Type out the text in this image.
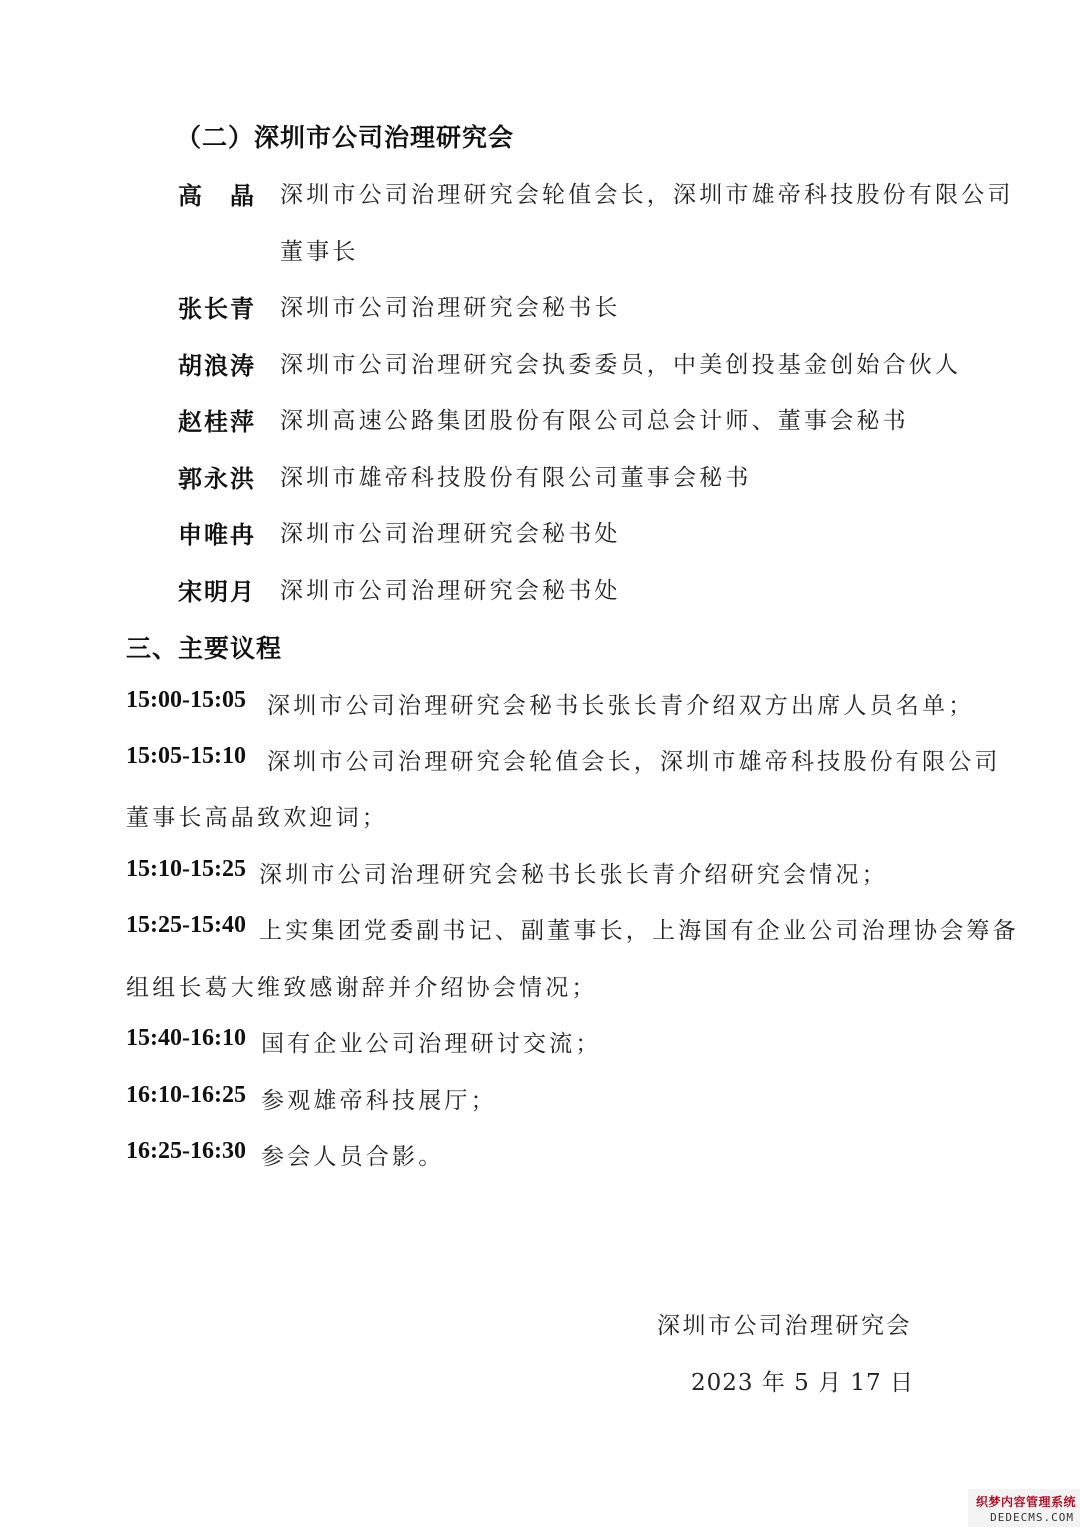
（二）深圳市公司治理研究会
高　晶 深圳市公司治理研究会轮值会长，深圳市雄帝科技股份有限公司
董事长
张长青 深圳市公司治理研究会秘书长
胡浪涛 深圳市公司治理研究会执委委员，中美创投基金创始合伙人
赵桂萍 深圳高速公路集团股份有限公司总会计师、董事会秘书
郭永洪 深圳市雄帝科技股份有限公司董事会秘书
申唯冉 深圳市公司治理研究会秘书处
宋明月 深圳市公司治理研究会秘书处
三、主要议程
15:00-15:05 深圳市公司治理研究会秘书长张长青介绍双方出席人员名单；
15:05-15:10 深圳市公司治理研究会轮值会长，深圳市雄帝科技股份有限公司
董事长高晶致欢迎词；
15:10-15:25 深圳市公司治理研究会秘书长张长青介绍研究会情况；
15:25-15:40 上实集团党委副书记、副董事长，上海国有企业公司治理协会筹备
组组长葛大维致感谢辞并介绍协会情况；
15:40-16:10 国有企业公司治理研讨交流；
16:10-16:25 参观雄帝科技展厅；
16:25-16:30 参会人员合影。
深圳市公司治理研究会
2023 年 5 月 17 日
织梦内容管理系统
DEDECMS.COM
